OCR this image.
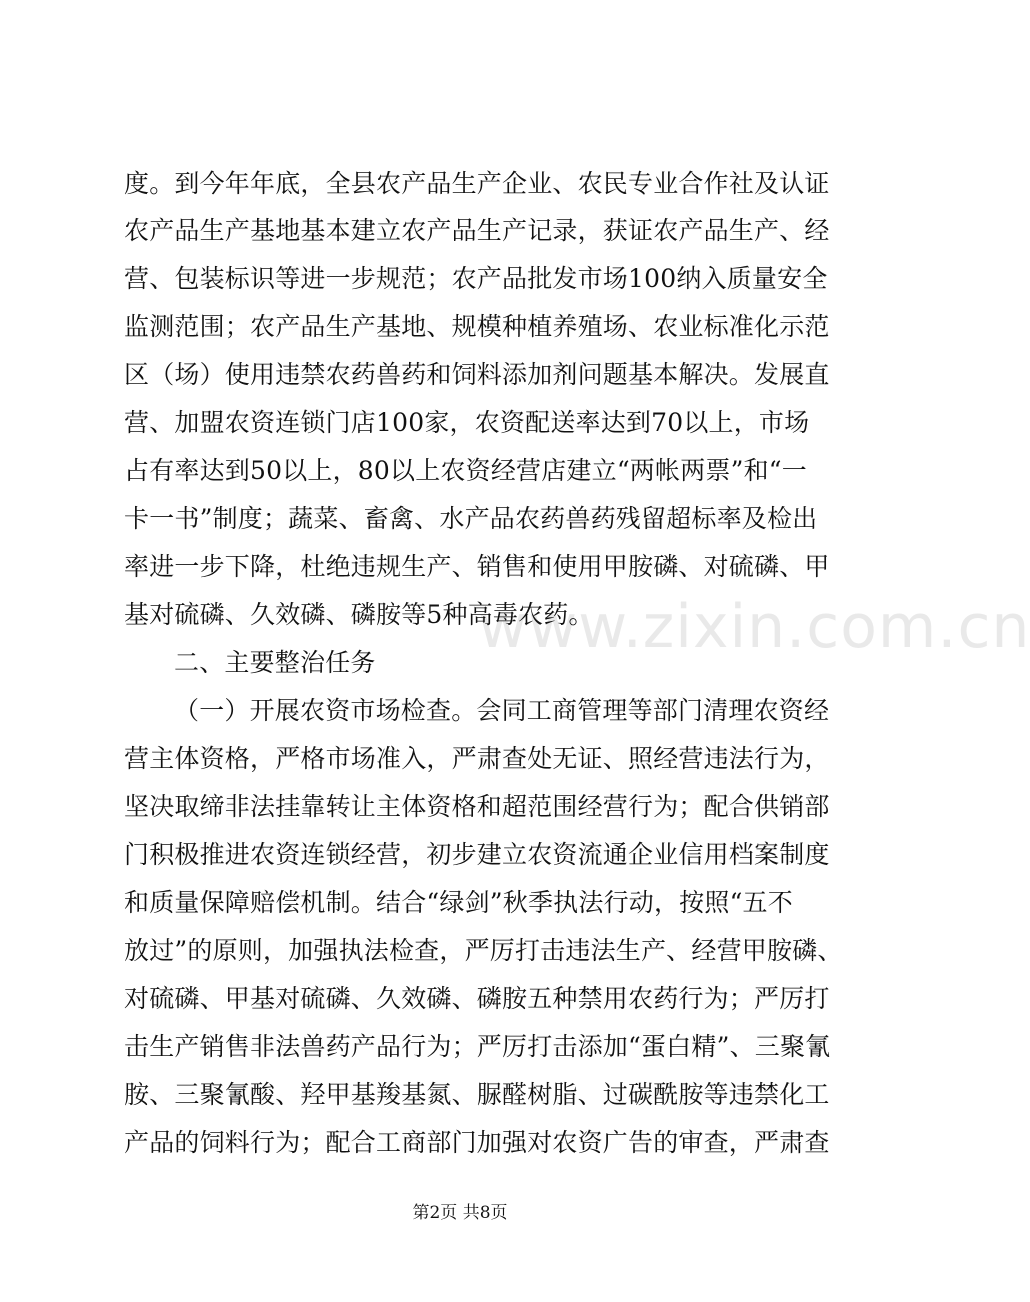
www.zixin.com.cn
度。到今年年底，全县农产品生产企业、农民专业合作社及认证
农产品生产基地基本建立农产品生产记录，获证农产品生产、经
营、包装标识等进一步规范；农产品批发市场100纳入质量安全
监测范围；农产品生产基地、规模种植养殖场、农业标准化示范
区（场）使用违禁农药兽药和饲料添加剂问题基本解决。发展直
营、加盟农资连锁门店100家，农资配送率达到70以上，市场
占有率达到50以上，80以上农资经营店建立“两帐两票”和“一
卡一书”制度；蔬菜、畜禽、水产品农药兽药残留超标率及检出
率进一步下降，杜绝违规生产、销售和使用甲胺磷、对硫磷、甲
基对硫磷、久效磷、磷胺等5种高毒农药。
二、主要整治任务
（一）开展农资市场检查。会同工商管理等部门清理农资经
营主体资格，严格市场准入，严肃查处无证、照经营违法行为，
坚决取缔非法挂靠转让主体资格和超范围经营行为；配合供销部
门积极推进农资连锁经营，初步建立农资流通企业信用档案制度
和质量保障赔偿机制。结合“绿剑”秋季执法行动，按照“五不
放过”的原则，加强执法检查，严厉打击违法生产、经营甲胺磷、
对硫磷、甲基对硫磷、久效磷、磷胺五种禁用农药行为；严厉打
击生产销售非法兽药产品行为；严厉打击添加“蛋白精”、三聚氰
胺、三聚氰酸、羟甲基羧基氮、脲醛树脂、过碳酰胺等违禁化工
产品的饲料行为；配合工商部门加强对农资广告的审查，严肃查
第2页 共8页
